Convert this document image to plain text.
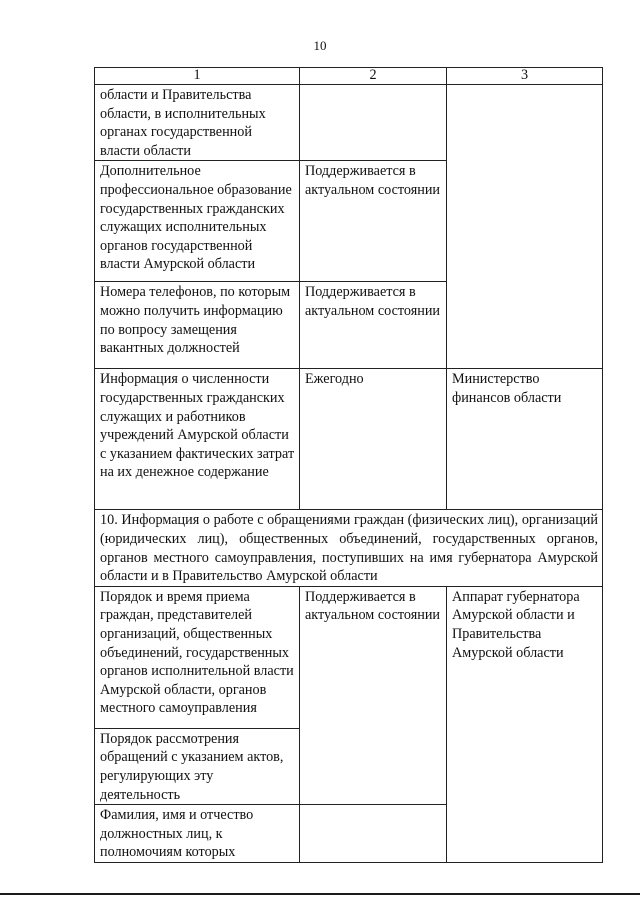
10
1	2	3
области и Правительства области, в исполнительных органах государственной власти области		
Дополнительное профессиональное образование государственных гражданских служащих исполнительных органов государственной власти Амурской области	Поддерживается в актуальном состоянии	
Номера телефонов, по которым можно получить информацию по вопросу замещения вакантных должностей	Поддерживается в актуальном состоянии	
Информация о численности государственных гражданских служащих и работников учреждений Амурской области с указанием фактических затрат на их денежное содержание	Ежегодно	Министерство финансов области
10. Информация о работе с обращениями граждан (физических лиц), организаций (юридических лиц), общественных объединений, государственных органов, органов местного самоуправления, поступивших на имя губернатора Амурской области и в Правительство Амурской области		
Порядок и время приема граждан, представителей организаций, общественных объединений, государственных органов исполнительной власти Амурской области, органов местного самоуправления	Поддерживается в актуальном состоянии	Аппарат губернатора Амурской области и Правительства Амурской области
Порядок рассмотрения обращений с указанием актов, регулирующих эту деятельность		
Фамилия, имя и отчество должностных лиц, к полномочиям которых		
